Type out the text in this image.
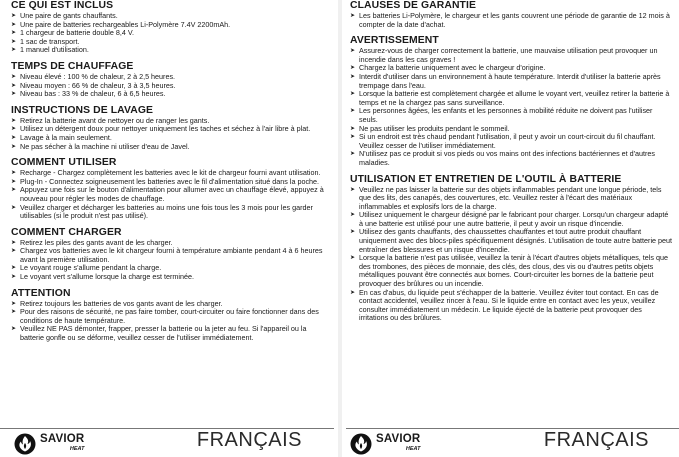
CE QUI EST INCLUS
➤ Une paire de gants chauffants.
➤ Une paire de batteries rechargeables Li-Polymère 7.4V 2200mAh.
➤ 1 chargeur de batterie double 8,4 V.
➤ 1 sac de transport.
➤ 1 manuel d'utilisation.
TEMPS DE CHAUFFAGE
➤ Niveau élevé : 100 % de chaleur, 2 à 2,5 heures.
➤ Niveau moyen : 66 % de chaleur, 3 à 3,5 heures.
➤ Niveau bas : 33 % de chaleur, 6 à 6,5 heures.
INSTRUCTIONS DE LAVAGE
➤ Retirez la batterie avant de nettoyer ou de ranger les gants.
➤ Utilisez un détergent doux pour nettoyer uniquement les taches et séchez à l'air libre à plat.
➤ Lavage à la main seulement.
➤ Ne pas sécher à la machine ni utiliser d'eau de Javel.
COMMENT UTILISER
➤ Recharge - Chargez complètement les batteries avec le kit de chargeur fourni avant utilisation.
➤ Plug-In - Connectez soigneusement les batteries avec le fil d'alimentation situé dans la poche.
➤ Appuyez une fois sur le bouton d'alimentation pour allumer avec un chauffage élevé, appuyez à nouveau pour régler les modes de chauffage.
➤ Veuillez charger et décharger les batteries au moins une fois tous les 3 mois pour les garder utilisables (si le produit n'est pas utilisé).
COMMENT CHARGER
➤ Retirez les piles des gants avant de les charger.
➤ Chargez vos batteries avec le kit chargeur fourni à température ambiante pendant 4 à 6 heures avant la première utilisation.
➤ Le voyant rouge s'allume pendant la charge.
➤ Le voyant vert s'allume lorsque la charge est terminée.
ATTENTION
➤ Retirez toujours les batteries de vos gants avant de les charger.
➤ Pour des raisons de sécurité, ne pas faire tomber, court-circuiter ou faire fonctionner dans des conditions de haute température.
➤ Veuillez NE PAS démonter, frapper, presser la batterie ou la jeter au feu. Si l'appareil ou la batterie gonfle ou se déforme, veuillez cesser de l'utiliser immédiatement.
SAVIOR
HEAT	FRANÇAIS
CLAUSES DE GARANTIE
➤ Les batteries Li-Polymère, le chargeur et les gants couvrent une période de garantie de 12 mois à compter de la date d'achat.
AVERTISSEMENT
➤ Assurez-vous de charger correctement la batterie, une mauvaise utilisation peut provoquer un incendie dans les cas graves !
➤ Chargez la batterie uniquement avec le chargeur d'origine.
➤ Interdit d'utiliser dans un environnement à haute température. Interdit d'utiliser la batterie après trempage dans l'eau.
➤ Lorsque la batterie est complètement chargée et allume le voyant vert, veuillez retirer la batterie à temps et ne la chargez pas sans surveillance.
➤ Les personnes âgées, les enfants et les personnes à mobilité réduite ne doivent pas l'utiliser seuls.
➤ Ne pas utiliser les produits pendant le sommeil.
➤ Si un endroit est très chaud pendant l'utilisation, il peut y avoir un court-circuit du fil chauffant. Veuillez cesser de l'utiliser immédiatement.
➤ N'utilisez pas ce produit si vos pieds ou vos mains ont des infections bactériennes et d'autres maladies.
UTILISATION ET ENTRETIEN DE L'OUTIL À BATTERIE
➤ Veuillez ne pas laisser la batterie sur des objets inflammables pendant une longue période, tels que des lits, des canapés, des couvertures, etc. Veuillez rester à l'écart des matériaux inflammables et explosifs lors de la charge.
➤ Utilisez uniquement le chargeur désigné par le fabricant pour charger. Lorsqu'un chargeur adapté à une batterie est utilisé pour une autre batterie, il peut y avoir un risque d'incendie.
➤ Utilisez des gants chauffants, des chaussettes chauffantes et tout autre produit chauffant uniquement avec des blocs-piles spécifiquement désignés. L'utilisation de toute autre batterie peut entraîner des blessures et un risque d'incendie.
➤ Lorsque la batterie n'est pas utilisée, veuillez la tenir à l'écart d'autres objets métalliques, tels que des trombones, des pièces de monnaie, des clés, des clous, des vis ou d'autres petits objets métalliques pouvant être connectés aux bornes. Court-circuiter les bornes de la batterie peut provoquer des brûlures ou un incendie.
➤ En cas d'abus, du liquide peut s'échapper de la batterie. Veuillez éviter tout contact. En cas de contact accidentel, veuillez rincer à l'eau. Si le liquide entre en contact avec les yeux, veuillez consulter immédiatement un médecin. Le liquide éjecté de la batterie peut provoquer des irritations ou des brûlures.
SAVIOR
HEAT	FRANÇAIS
